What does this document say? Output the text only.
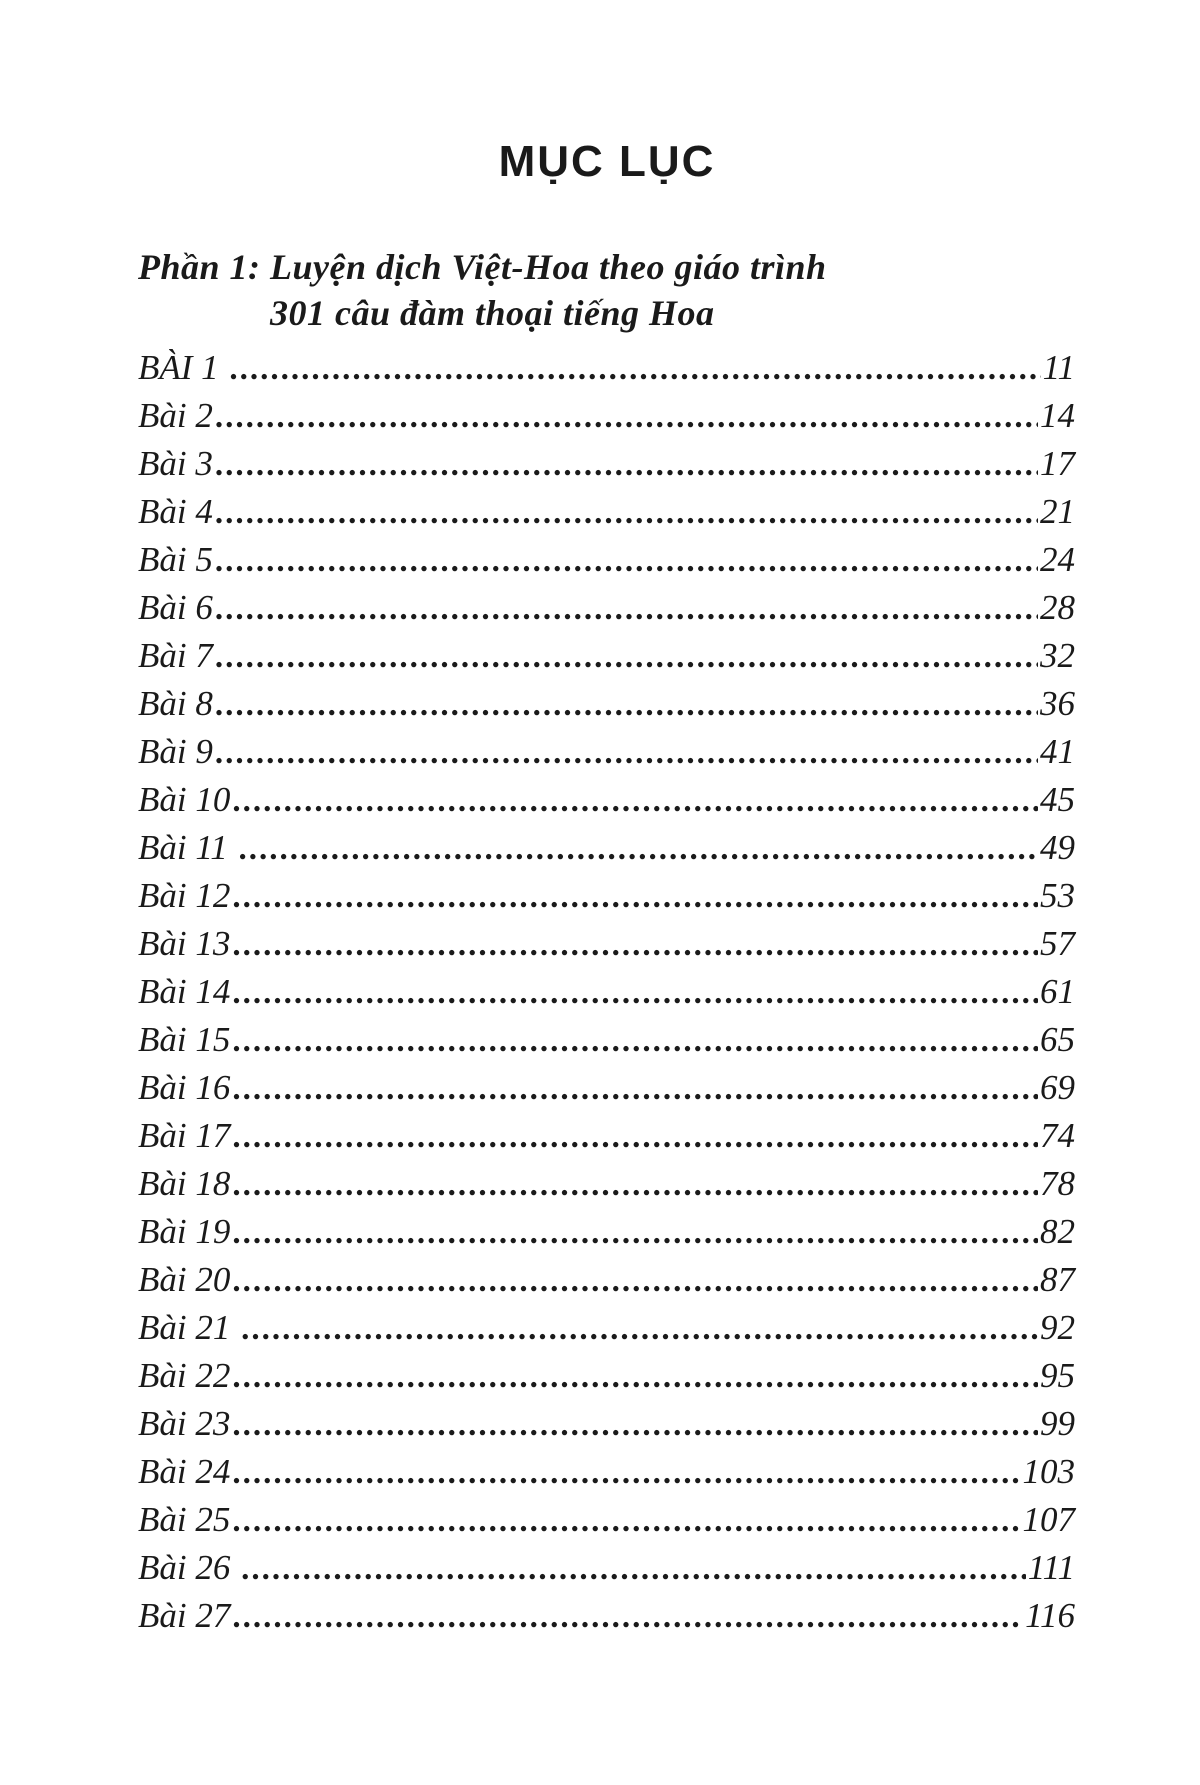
MỤC LỤC
Phần 1: Luyện dịch Việt-Hoa theo giáo trình
301 câu đàm thoại tiếng Hoa
BÀI 1 .....	11
Bài 2 .....	14
Bài 3 .....	17
Bài 4 .....	21
Bài 5 .....	24
Bài 6 .....	28
Bài 7 .....	32
Bài 8 .....	36
Bài 9 .....	41
Bài 10 .....	45
Bài 11 .....	49
Bài 12 .....	53
Bài 13 .....	57
Bài 14 .....	61
Bài 15 .....	65
Bài 16 .....	69
Bài 17 .....	74
Bài 18 .....	78
Bài 19 .....	82
Bài 20 .....	87
Bài 21 .....	92
Bài 22 .....	95
Bài 23 .....	99
Bài 24 .....	103
Bài 25 .....	107
Bài 26 .....	111
Bài 27 .....	116
